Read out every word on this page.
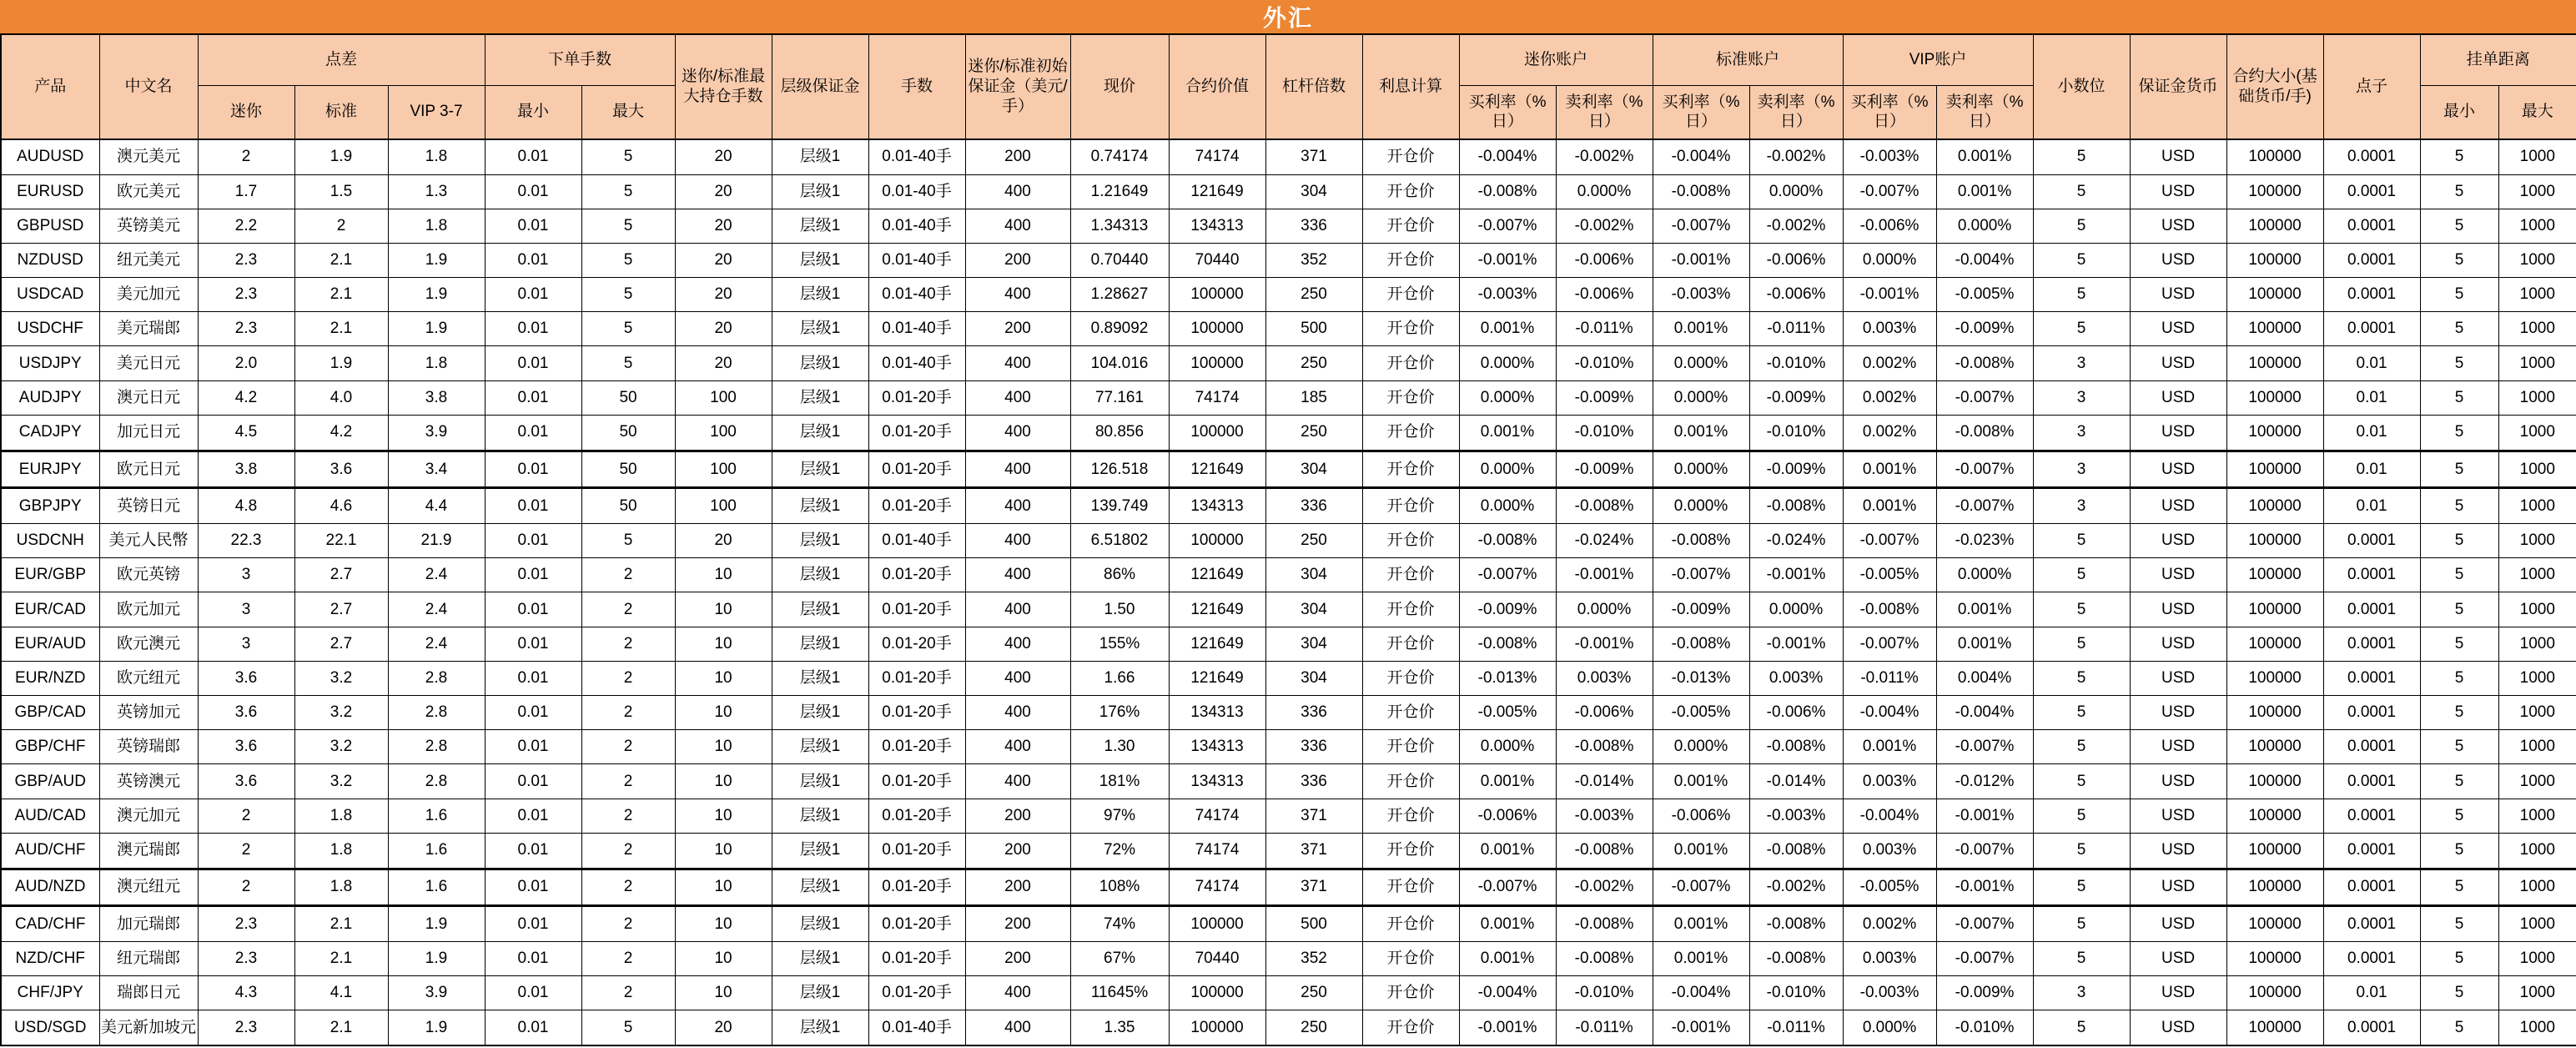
外汇
产品	中文名	点差			下单手数		迷你/标准最大持仓手数	层级保证金	手数	迷你/标准初始保证金（美元/手）	现价	合约价值	杠杆倍数	利息计算	迷你账户		标准账户		VIP账户		小数位	保证金货币	合约大小(基础货币/手)	点子	挂单距离	
		迷你	标准	VIP 3-7	最小	最大									买利率（%日）	卖利率（%日）	买利率（%日）	卖利率（%日）	买利率（%日）	卖利率（%日）					最小	最大
AUDUSD	澳元美元	2	1.9	1.8	0.01	5	20	层级1	0.01-40手	200	0.74174	74174	371	开仓价	-0.004%	-0.002%	-0.004%	-0.002%	-0.003%	0.001%	5	USD	100000	0.0001	5	1000
EURUSD	欧元美元	1.7	1.5	1.3	0.01	5	20	层级1	0.01-40手	400	1.21649	121649	304	开仓价	-0.008%	0.000%	-0.008%	0.000%	-0.007%	0.001%	5	USD	100000	0.0001	5	1000
GBPUSD	英镑美元	2.2	2	1.8	0.01	5	20	层级1	0.01-40手	400	1.34313	134313	336	开仓价	-0.007%	-0.002%	-0.007%	-0.002%	-0.006%	0.000%	5	USD	100000	0.0001	5	1000
NZDUSD	纽元美元	2.3	2.1	1.9	0.01	5	20	层级1	0.01-40手	200	0.70440	70440	352	开仓价	-0.001%	-0.006%	-0.001%	-0.006%	0.000%	-0.004%	5	USD	100000	0.0001	5	1000
USDCAD	美元加元	2.3	2.1	1.9	0.01	5	20	层级1	0.01-40手	400	1.28627	100000	250	开仓价	-0.003%	-0.006%	-0.003%	-0.006%	-0.001%	-0.005%	5	USD	100000	0.0001	5	1000
USDCHF	美元瑞郎	2.3	2.1	1.9	0.01	5	20	层级1	0.01-40手	200	0.89092	100000	500	开仓价	0.001%	-0.011%	0.001%	-0.011%	0.003%	-0.009%	5	USD	100000	0.0001	5	1000
USDJPY	美元日元	2.0	1.9	1.8	0.01	5	20	层级1	0.01-40手	400	104.016	100000	250	开仓价	0.000%	-0.010%	0.000%	-0.010%	0.002%	-0.008%	3	USD	100000	0.01	5	1000
AUDJPY	澳元日元	4.2	4.0	3.8	0.01	50	100	层级1	0.01-20手	400	77.161	74174	185	开仓价	0.000%	-0.009%	0.000%	-0.009%	0.002%	-0.007%	3	USD	100000	0.01	5	1000
CADJPY	加元日元	4.5	4.2	3.9	0.01	50	100	层级1	0.01-20手	400	80.856	100000	250	开仓价	0.001%	-0.010%	0.001%	-0.010%	0.002%	-0.008%	3	USD	100000	0.01	5	1000
EURJPY	欧元日元	3.8	3.6	3.4	0.01	50	100	层级1	0.01-20手	400	126.518	121649	304	开仓价	0.000%	-0.009%	0.000%	-0.009%	0.001%	-0.007%	3	USD	100000	0.01	5	1000
GBPJPY	英镑日元	4.8	4.6	4.4	0.01	50	100	层级1	0.01-20手	400	139.749	134313	336	开仓价	0.000%	-0.008%	0.000%	-0.008%	0.001%	-0.007%	3	USD	100000	0.01	5	1000
USDCNH	美元人民幣	22.3	22.1	21.9	0.01	5	20	层级1	0.01-40手	400	6.51802	100000	250	开仓价	-0.008%	-0.024%	-0.008%	-0.024%	-0.007%	-0.023%	5	USD	100000	0.0001	5	1000
EUR/GBP	欧元英镑	3	2.7	2.4	0.01	2	10	层级1	0.01-20手	400	86%	121649	304	开仓价	-0.007%	-0.001%	-0.007%	-0.001%	-0.005%	0.000%	5	USD	100000	0.0001	5	1000
EUR/CAD	欧元加元	3	2.7	2.4	0.01	2	10	层级1	0.01-20手	400	1.50	121649	304	开仓价	-0.009%	0.000%	-0.009%	0.000%	-0.008%	0.001%	5	USD	100000	0.0001	5	1000
EUR/AUD	欧元澳元	3	2.7	2.4	0.01	2	10	层级1	0.01-20手	400	155%	121649	304	开仓价	-0.008%	-0.001%	-0.008%	-0.001%	-0.007%	0.001%	5	USD	100000	0.0001	5	1000
EUR/NZD	欧元纽元	3.6	3.2	2.8	0.01	2	10	层级1	0.01-20手	400	1.66	121649	304	开仓价	-0.013%	0.003%	-0.013%	0.003%	-0.011%	0.004%	5	USD	100000	0.0001	5	1000
GBP/CAD	英镑加元	3.6	3.2	2.8	0.01	2	10	层级1	0.01-20手	400	176%	134313	336	开仓价	-0.005%	-0.006%	-0.005%	-0.006%	-0.004%	-0.004%	5	USD	100000	0.0001	5	1000
GBP/CHF	英镑瑞郎	3.6	3.2	2.8	0.01	2	10	层级1	0.01-20手	400	1.30	134313	336	开仓价	0.000%	-0.008%	0.000%	-0.008%	0.001%	-0.007%	5	USD	100000	0.0001	5	1000
GBP/AUD	英镑澳元	3.6	3.2	2.8	0.01	2	10	层级1	0.01-20手	400	181%	134313	336	开仓价	0.001%	-0.014%	0.001%	-0.014%	0.003%	-0.012%	5	USD	100000	0.0001	5	1000
AUD/CAD	澳元加元	2	1.8	1.6	0.01	2	10	层级1	0.01-20手	200	97%	74174	371	开仓价	-0.006%	-0.003%	-0.006%	-0.003%	-0.004%	-0.001%	5	USD	100000	0.0001	5	1000
AUD/CHF	澳元瑞郎	2	1.8	1.6	0.01	2	10	层级1	0.01-20手	200	72%	74174	371	开仓价	0.001%	-0.008%	0.001%	-0.008%	0.003%	-0.007%	5	USD	100000	0.0001	5	1000
AUD/NZD	澳元纽元	2	1.8	1.6	0.01	2	10	层级1	0.01-20手	200	108%	74174	371	开仓价	-0.007%	-0.002%	-0.007%	-0.002%	-0.005%	-0.001%	5	USD	100000	0.0001	5	1000
CAD/CHF	加元瑞郎	2.3	2.1	1.9	0.01	2	10	层级1	0.01-20手	200	74%	100000	500	开仓价	0.001%	-0.008%	0.001%	-0.008%	0.002%	-0.007%	5	USD	100000	0.0001	5	1000
NZD/CHF	纽元瑞郎	2.3	2.1	1.9	0.01	2	10	层级1	0.01-20手	200	67%	70440	352	开仓价	0.001%	-0.008%	0.001%	-0.008%	0.003%	-0.007%	5	USD	100000	0.0001	5	1000
CHF/JPY	瑞郎日元	4.3	4.1	3.9	0.01	2	10	层级1	0.01-20手	400	11645%	100000	250	开仓价	-0.004%	-0.010%	-0.004%	-0.010%	-0.003%	-0.009%	3	USD	100000	0.01	5	1000
USD/SGD	美元新加坡元	2.3	2.1	1.9	0.01	5	20	层级1	0.01-40手	400	1.35	100000	250	开仓价	-0.001%	-0.011%	-0.001%	-0.011%	0.000%	-0.010%	5	USD	100000	0.0001	5	1000
